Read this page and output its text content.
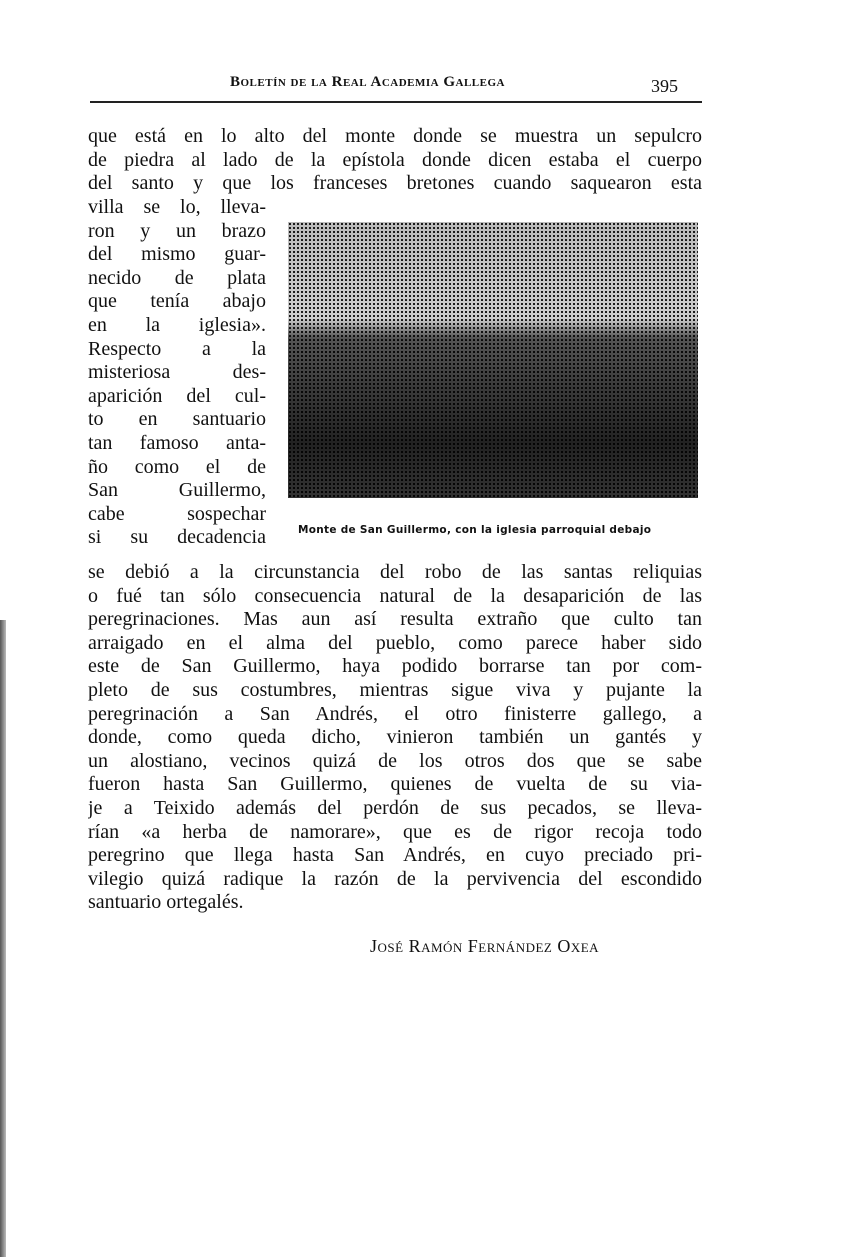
Boletín de la Real Academia Gallega	395
que está en lo alto del monte donde se muestra un sepulcro
de piedra al lado de la epístola donde dicen estaba el cuerpo
del santo y que los franceses bretones cuando saquearon esta
villa se lo, lleva-
ron y un brazo
del mismo guar-
necido de plata
que tenía abajo
en la iglesia».
Respecto a la
misteriosa des-
aparición del cul-
to en santuario
tan famoso anta-
ño como el de
San Guillermo,
cabe sospechar
si su decadencia
se debió a la circunstancia del robo de las santas reliquias
o fué tan sólo consecuencia natural de la desaparición de las
peregrinaciones. Mas aun así resulta extraño que culto tan
arraigado en el alma del pueblo, como parece haber sido
este de San Guillermo, haya podido borrarse tan por com-
pleto de sus costumbres, mientras sigue viva y pujante la
peregrinación a San Andrés, el otro finisterre gallego, a
donde, como queda dicho, vinieron también un gantés y
un alostiano, vecinos quizá de los otros dos que se sabe
fueron hasta San Guillermo, quienes de vuelta de su via-
je a Teixido además del perdón de sus pecados, se lleva-
rían «a herba de namorare», que es de rigor recoja todo
peregrino que llega hasta San Andrés, en cuyo preciado pri-
vilegio quizá radique la razón de la pervivencia del escondido
santuario ortegalés.
Monte de San Guillermo, con la iglesia parroquial debajo
José Ramón Fernández Oxea
